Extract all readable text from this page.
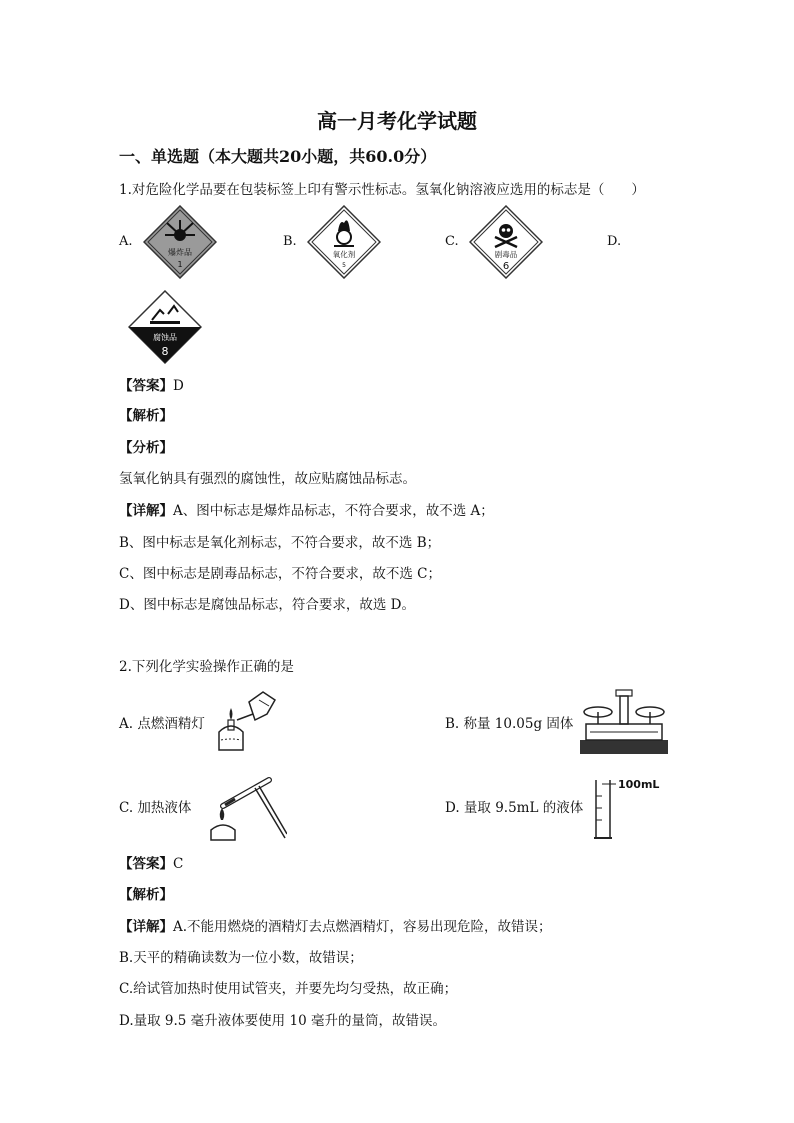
高一月考化学试题
一、单选题（本大题共20小题，共60.0分）
1.对危险化学品要在包装标签上印有警示性标志。氢氧化钠溶液应选用的标志是（　　）
A.	B.	C.	D.
爆炸品
1
氧化剂
5
剧毒品
6
腐蚀品
8
【答案】D
【解析】
【分析】
氢氧化钠具有强烈的腐蚀性，故应贴腐蚀品标志。
【详解】A、图中标志是爆炸品标志，不符合要求，故不选 A；
B、图中标志是氧化剂标志，不符合要求，故不选 B；
C、图中标志是剧毒品标志，不符合要求，故不选 C；
D、图中标志是腐蚀品标志，符合要求，故选 D。
2.下列化学实验操作正确的是
A. 点燃酒精灯	B. 称量 10.05g 固体
C. 加热液体	D. 量取 9.5mL 的液体
100mL
【答案】C
【解析】
【详解】A.不能用燃烧的酒精灯去点燃酒精灯，容易出现危险，故错误；
B.天平的精确读数为一位小数，故错误；
C.给试管加热时使用试管夹，并要先均匀受热，故正确；
D.量取 9.5 毫升液体要使用 10 毫升的量筒，故错误。
